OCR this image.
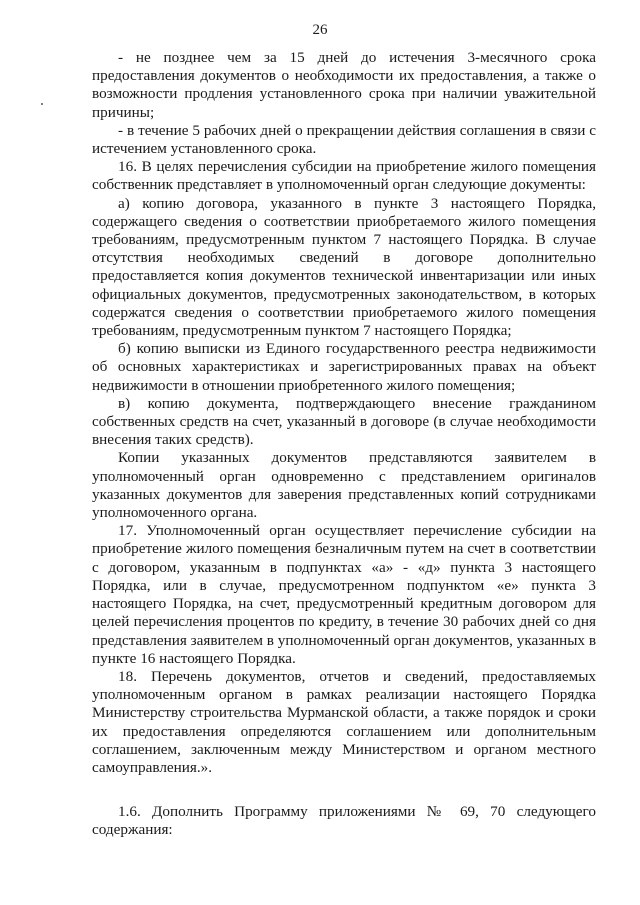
26

- не позднее чем за 15 дней до истечения 3-месячного срока предоставления документов о необходимости их предоставления, а также о возможности продления установленного срока при наличии уважительной причины;

- в течение 5 рабочих дней о прекращении действия соглашения в связи с истечением установленного срока.

16. В целях перечисления субсидии на приобретение жилого помещения собственник представляет в уполномоченный орган следующие документы:

а) копию договора, указанного в пункте 3 настоящего Порядка, содержащего сведения о соответствии приобретаемого жилого помещения требованиям, предусмотренным пунктом 7 настоящего Порядка. В случае отсутствия необходимых сведений в договоре дополнительно предоставляется копия документов технической инвентаризации или иных официальных документов, предусмотренных законодательством, в которых содержатся сведения о соответствии приобретаемого жилого помещения требованиям, предусмотренным пунктом 7 настоящего Порядка;

б) копию выписки из Единого государственного реестра недвижимости об основных характеристиках и зарегистрированных правах на объект недвижимости в отношении приобретенного жилого помещения;

в) копию документа, подтверждающего внесение гражданином собственных средств на счет, указанный в договоре (в случае необходимости внесения таких средств).

Копии указанных документов представляются заявителем в уполномоченный орган одновременно с представлением оригиналов указанных документов для заверения представленных копий сотрудниками уполномоченного органа.

17. Уполномоченный орган осуществляет перечисление субсидии на приобретение жилого помещения безналичным путем на счет в соответствии с договором, указанным в подпунктах «а» - «д» пункта 3 настоящего Порядка, или в случае, предусмотренном подпунктом «е» пункта 3 настоящего Порядка, на счет, предусмотренный кредитным договором для целей перечисления процентов по кредиту, в течение 30 рабочих дней со дня представления заявителем в уполномоченный орган документов, указанных в пункте 16 настоящего Порядка.

18. Перечень документов, отчетов и сведений, предоставляемых уполномоченным органом в рамках реализации настоящего Порядка Министерству строительства Мурманской области, а также порядок и сроки их предоставления определяются соглашением или дополнительным соглашением, заключенным между Министерством и органом местного самоуправления.».

1.6. Дополнить Программу приложениями № 69, 70 следующего содержания:
